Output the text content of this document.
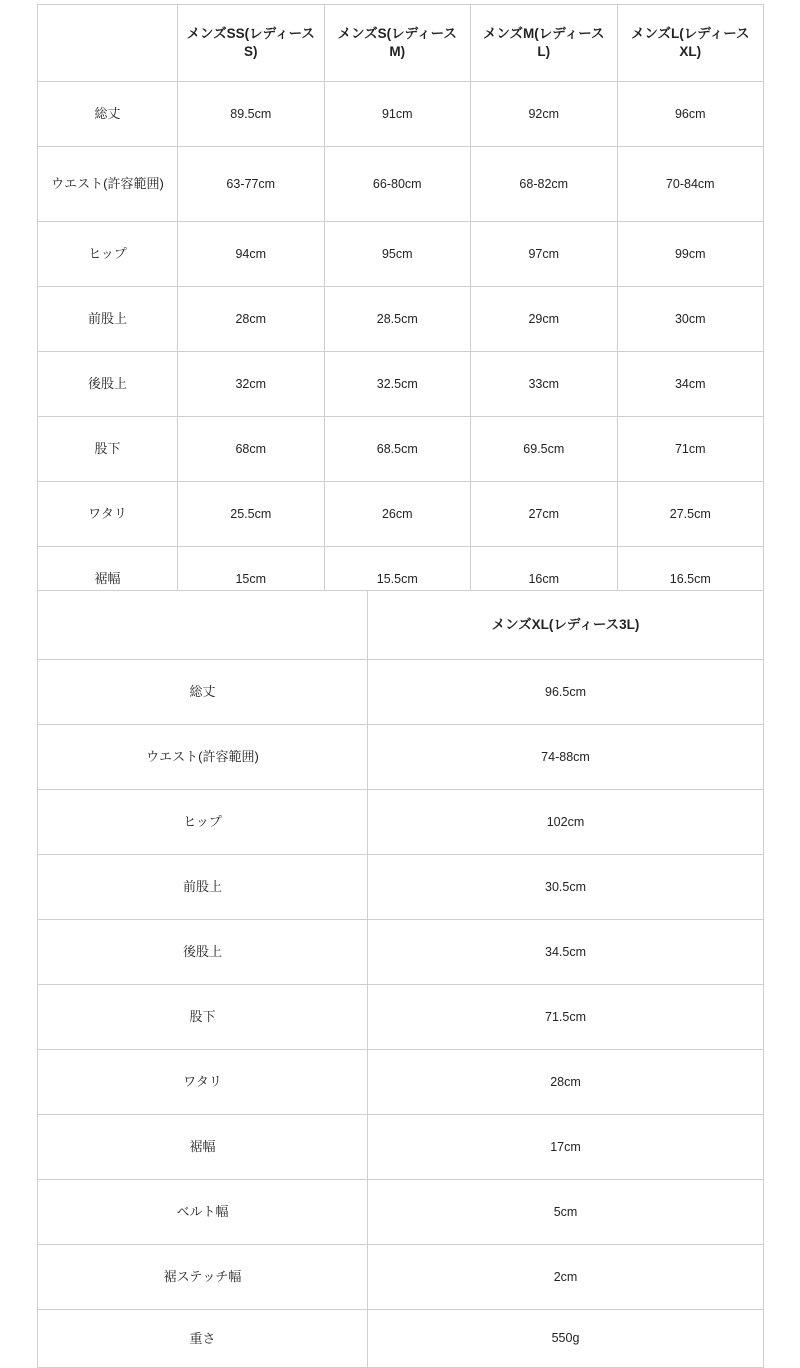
	メンズSS(レディースS)	メンズS(レディースM)	メンズM(レディースL)	メンズL(レディースXL)
総丈	89.5cm	91cm	92cm	96cm
ウエスト(許容範囲)	63-77cm	66-80cm	68-82cm	70-84cm
ヒップ	94cm	95cm	97cm	99cm
前股上	28cm	28.5cm	29cm	30cm
後股上	32cm	32.5cm	33cm	34cm
股下	68cm	68.5cm	69.5cm	71cm
ワタリ	25.5cm	26cm	27cm	27.5cm
裾幅	15cm	15.5cm	16cm	16.5cm

	メンズXL(レディース3L)
総丈	96.5cm
ウエスト(許容範囲)	74-88cm
ヒップ	102cm
前股上	30.5cm
後股上	34.5cm
股下	71.5cm
ワタリ	28cm
裾幅	17cm
ベルト幅	5cm
裾ステッチ幅	2cm
重さ	550g
